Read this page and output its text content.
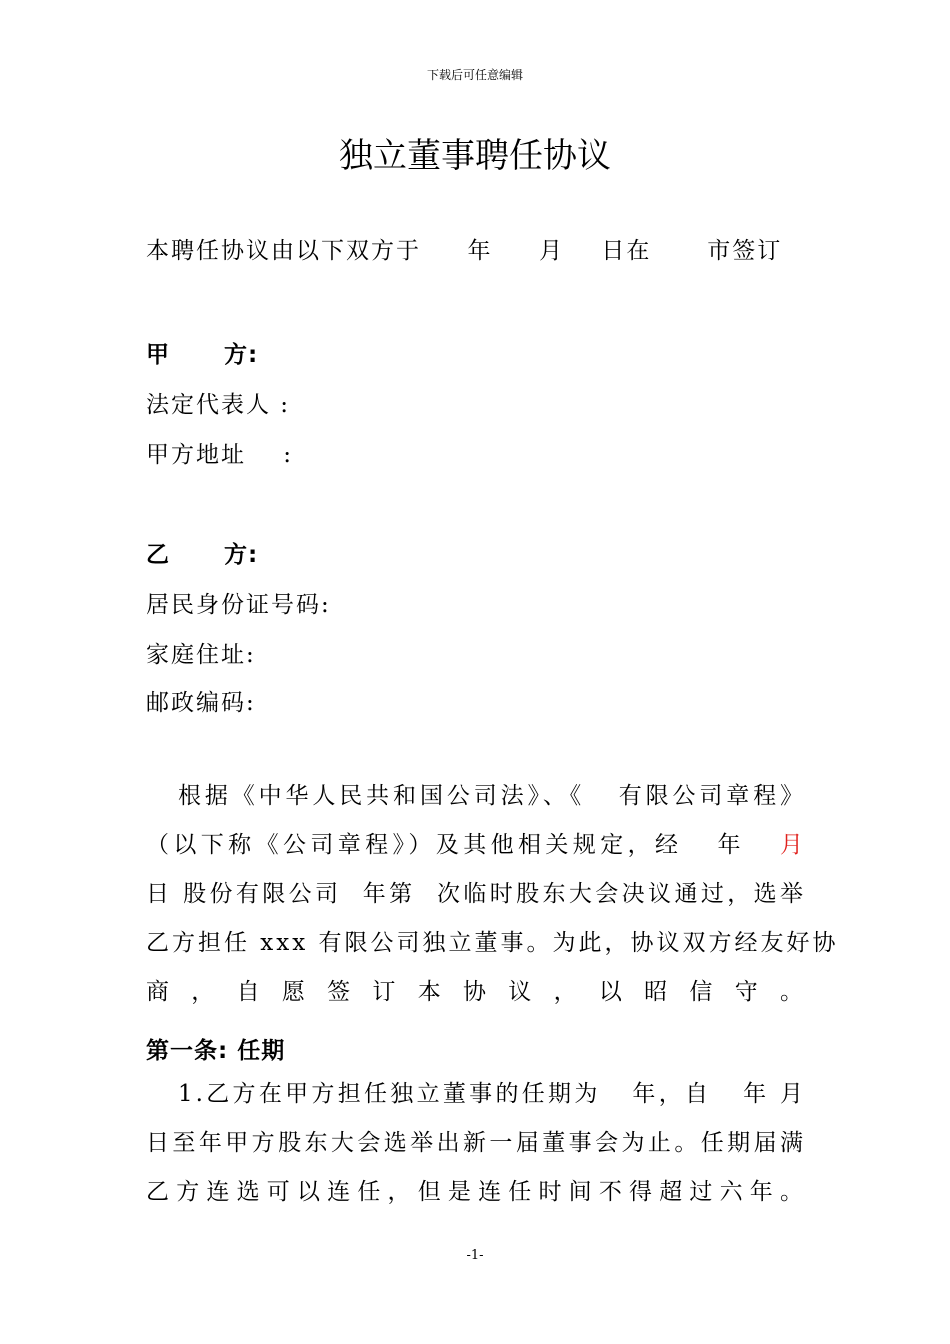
下载后可任意编辑
独立董事聘任协议
本聘任协议由以下双方于     年     月    日在      市签订
甲      方:
法定代表人 :
甲方地址    :
乙      方:
居民身份证号码:
家庭住址:
邮政编码:
根据《中华人民共和国公司法》、《   有限公司章程》
（以下称《公司章程》）及其他相关规定，经   年   月
日 股份有限公司  年第  次临时股东大会决议通过，选举
乙方担任 xxx 有限公司独立董事。为此，协议双方经友好协
商，自愿签订本协议，以昭信守。
第一条: 任期
1.乙方在甲方担任独立董事的任期为   年，自   年 月
日至年甲方股东大会选举出新一届董事会为止。任期届满
乙方连选可以连任，但是连任时间不得超过六年。
-1-
